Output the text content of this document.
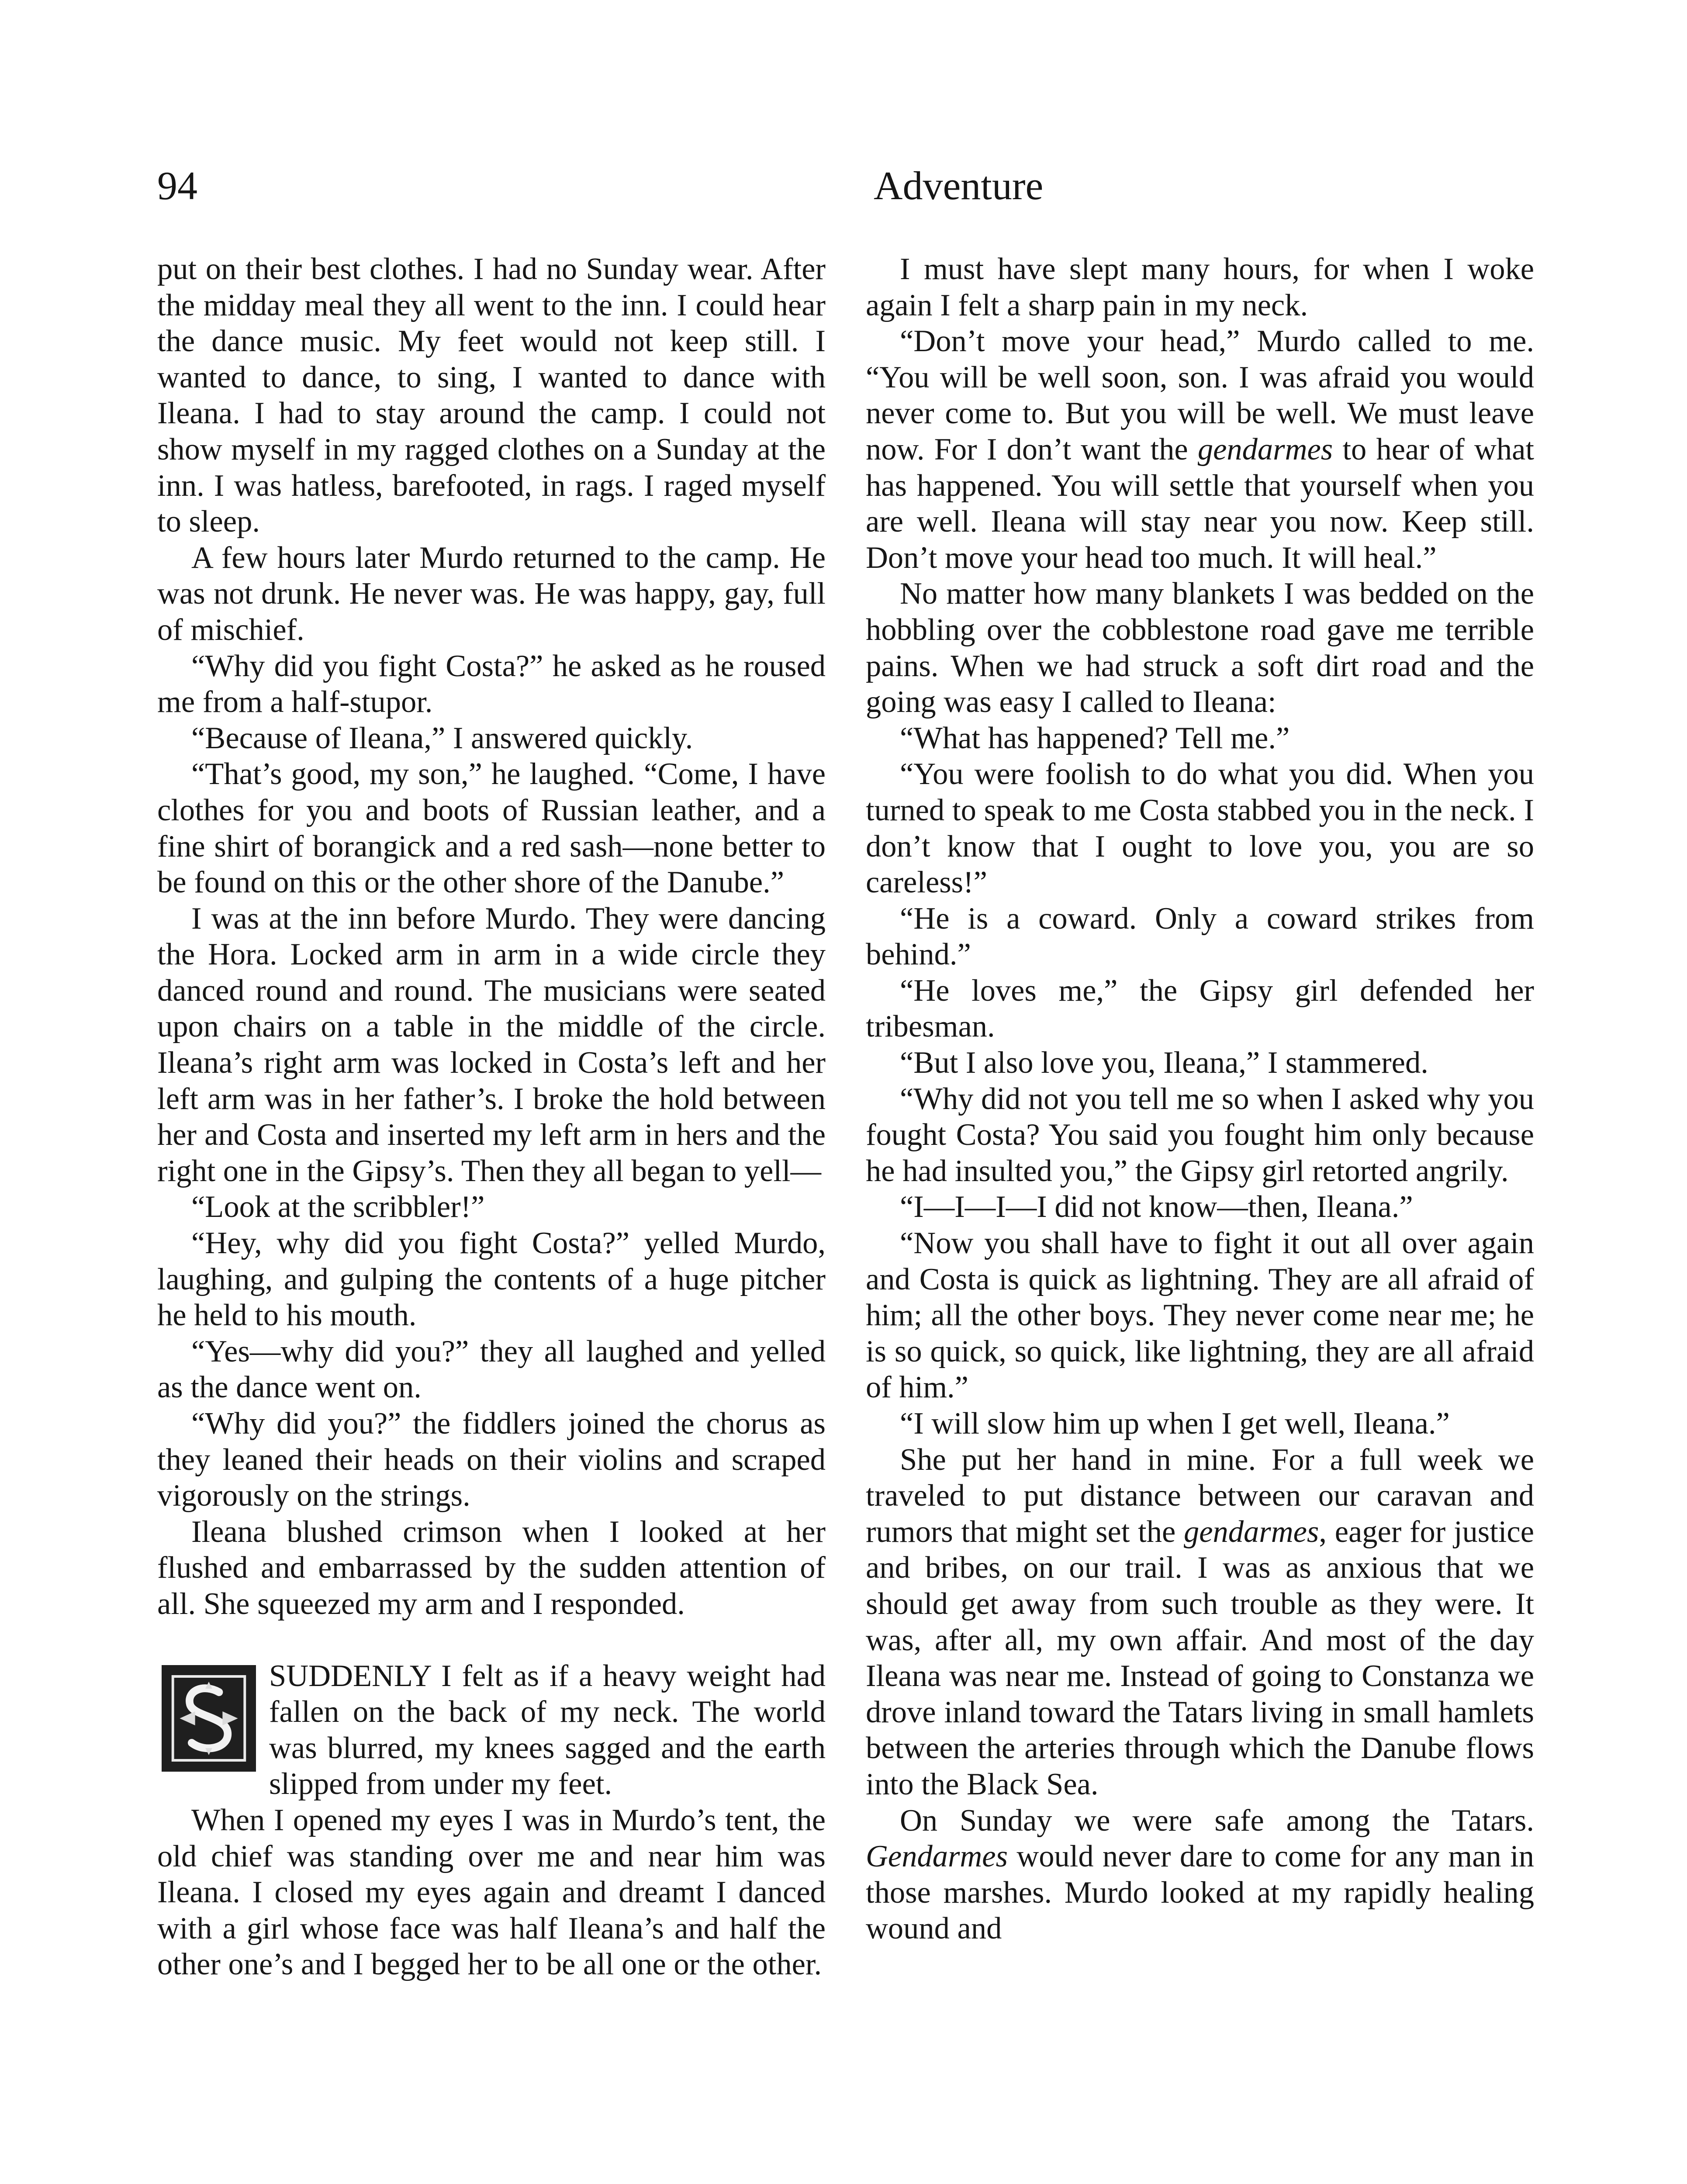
94	Adventure

put on their best clothes. I had no Sunday wear. After the midday meal they all went to the inn. I could hear the dance music. My feet would not keep still. I wanted to dance, to sing, I wanted to dance with Ileana. I had to stay around the camp. I could not show myself in my ragged clothes on a Sunday at the inn. I was hatless, barefooted, in rags. I raged myself to sleep.

A few hours later Murdo returned to the camp. He was not drunk. He never was. He was happy, gay, full of mischief.

“Why did you fight Costa?” he asked as he roused me from a half-stupor.

“Because of Ileana,” I answered quickly.

“That’s good, my son,” he laughed. “Come, I have clothes for you and boots of Russian leather, and a fine shirt of borangick and a red sash—none better to be found on this or the other shore of the Danube.”

I was at the inn before Murdo. They were dancing the Hora. Locked arm in arm in a wide circle they danced round and round. The musicians were seated upon chairs on a table in the middle of the circle. Ileana’s right arm was locked in Costa’s left and her left arm was in her father’s. I broke the hold between her and Costa and inserted my left arm in hers and the right one in the Gipsy’s. Then they all began to yell—

“Look at the scribbler!”

“Hey, why did you fight Costa?” yelled Murdo, laughing, and gulping the contents of a huge pitcher he held to his mouth.

“Yes—why did you?” they all laughed and yelled as the dance went on.

“Why did you?” the fiddlers joined the chorus as they leaned their heads on their violins and scraped vigorously on the strings.

Ileana blushed crimson when I looked at her flushed and embarrassed by the sudden attention of all. She squeezed my arm and I responded.

SUDDENLY I felt as if a heavy weight had fallen on the back of my neck. The world was blurred, my knees sagged and the earth slipped from under my feet.

When I opened my eyes I was in Murdo’s tent, the old chief was standing over me and near him was Ileana. I closed my eyes again and dreamt I danced with a girl whose face was half Ileana’s and half the other one’s and I begged her to be all one or the other.

I must have slept many hours, for when I woke again I felt a sharp pain in my neck.

“Don’t move your head,” Murdo called to me. “You will be well soon, son. I was afraid you would never come to. But you will be well. We must leave now. For I don’t want the gendarmes to hear of what has happened. You will settle that yourself when you are well. Ileana will stay near you now. Keep still. Don’t move your head too much. It will heal.”

No matter how many blankets I was bedded on the hobbling over the cobblestone road gave me terrible pains. When we had struck a soft dirt road and the going was easy I called to Ileana:

“What has happened? Tell me.”

“You were foolish to do what you did. When you turned to speak to me Costa stabbed you in the neck. I don’t know that I ought to love you, you are so careless!”

“He is a coward. Only a coward strikes from behind.”

“He loves me,” the Gipsy girl defended her tribesman.

“But I also love you, Ileana,” I stammered.

“Why did not you tell me so when I asked why you fought Costa? You said you fought him only because he had insulted you,” the Gipsy girl retorted angrily.

“I—I—I—I did not know—then, Ileana.”

“Now you shall have to fight it out all over again and Costa is quick as lightning. They are all afraid of him; all the other boys. They never come near me; he is so quick, so quick, like lightning, they are all afraid of him.”

“I will slow him up when I get well, Ileana.”

She put her hand in mine. For a full week we traveled to put distance between our caravan and rumors that might set the gendarmes, eager for justice and bribes, on our trail. I was as anxious that we should get away from such trouble as they were. It was, after all, my own affair. And most of the day Ileana was near me. Instead of going to Constanza we drove inland toward the Tatars living in small hamlets between the arteries through which the Danube flows into the Black Sea.

On Sunday we were safe among the Tatars. Gendarmes would never dare to come for any man in those marshes. Murdo looked at my rapidly healing wound and
